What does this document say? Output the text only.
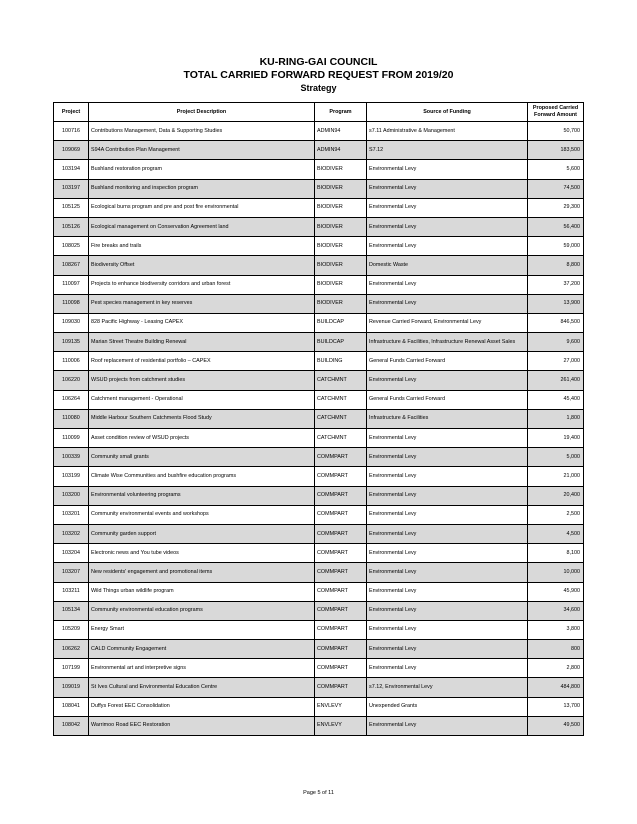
KU-RING-GAI COUNCIL
TOTAL CARRIED FORWARD REQUEST FROM 2019/20
Strategy
Project	Project Description	Program	Source of Funding	Proposed Carried Forward Amount
100716	Contributions Management, Data & Supporting Studies	ADMIN94	s7.11 Administrative & Management	50,700
109069	S94A Contribution Plan Management	ADMIN94	S7.12	183,500
103194	Bushland restoration program	BIODIVER	Environmental Levy	5,600
103197	Bushland monitoring and inspection program	BIODIVER	Environmental Levy	74,500
105125	Ecological burns program and pre and post fire environmental	BIODIVER	Environmental Levy	29,300
105126	Ecological management on Conservation Agreement land	BIODIVER	Environmental Levy	56,400
108025	Fire breaks and trails	BIODIVER	Environmental Levy	59,000
108267	Biodiversity Offset	BIODIVER	Domestic Waste	8,800
110097	Projects to enhance biodiversity corridors and urban forest	BIODIVER	Environmental Levy	37,200
110098	Pest species management in key reserves	BIODIVER	Environmental Levy	13,900
109030	828 Pacific Highway - Leasing CAPEX	BUILDCAP	Revenue Carried Forward, Environmental Levy	846,500
109135	Marian Street Theatre Building Renewal	BUILDCAP	Infrastructure & Facilities, Infrastructure Renewal Asset Sales	9,600
110006	Roof replacement of residential portfolio – CAPEX	BUILDING	General Funds Carried Forward	27,000
106220	WSUD projects from catchment studies	CATCHMNT	Environmental Levy	261,400
106264	Catchment management - Operational	CATCHMNT	General Funds Carried Forward	45,400
110080	Middle Harbour Southern Catchments Flood Study	CATCHMNT	Infrastructure & Facilities	1,800
110099	Asset condition review of WSUD projects	CATCHMNT	Environmental Levy	19,400
100339	Community small grants	COMMPART	Environmental Levy	5,000
103199	Climate Wise Communities and bushfire education programs	COMMPART	Environmental Levy	21,000
103200	Environmental volunteering programs	COMMPART	Environmental Levy	20,400
103201	Community environmental events and workshops	COMMPART	Environmental Levy	2,500
103202	Community garden support	COMMPART	Environmental Levy	4,500
103204	Electronic news and You tube videos	COMMPART	Environmental Levy	8,100
103207	New residents' engagement and promotional items	COMMPART	Environmental Levy	10,000
103211	Wild Things urban wildlife program	COMMPART	Environmental Levy	45,900
105134	Community environmental education programs	COMMPART	Environmental Levy	34,600
105209	Energy Smart	COMMPART	Environmental Levy	3,800
106262	CALD Community Engagement	COMMPART	Environmental Levy	800
107199	Environmental art and interpretive signs	COMMPART	Environmental Levy	2,800
109019	St Ives Cultural and Environmental Education Centre	COMMPART	s7.12, Environmental Levy	484,800
108041	Duffys Forest EEC Consolidation	ENVLEVY	Unexpended Grants	13,700
108042	Warrimoo Road EEC Restoration	ENVLEVY	Environmental Levy	49,500
Page 5 of 11
